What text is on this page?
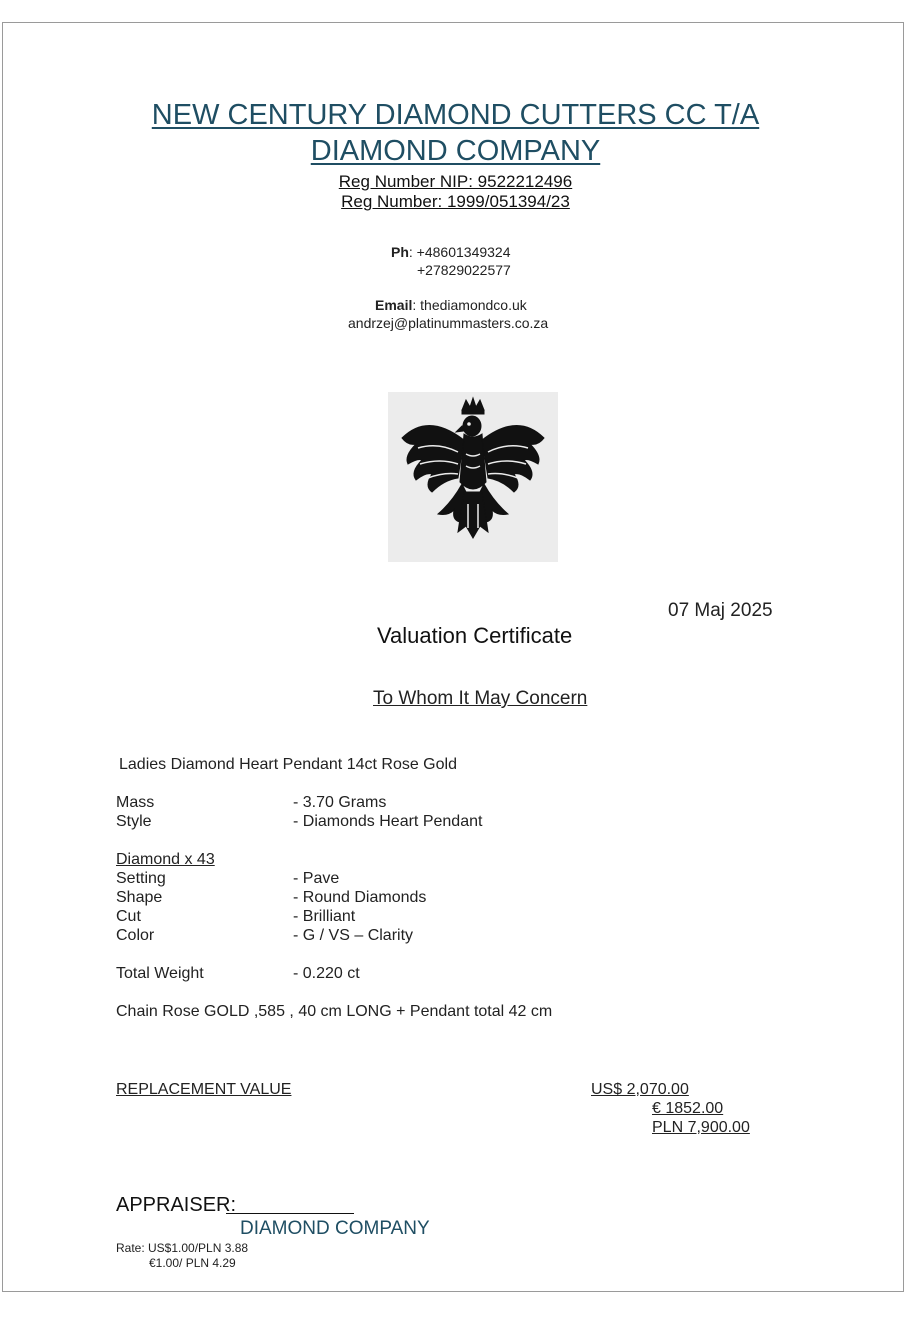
NEW CENTURY DIAMOND CUTTERS CC T/A
DIAMOND COMPANY
Reg Number NIP: 9522212496
Reg Number: 1999/051394/23
Ph: +48601349324
+27829022577
Email: thediamondco.uk
andrzej@platinummasters.co.za
07 Maj 2025
Valuation Certificate
To Whom It May Concern
Ladies Diamond Heart Pendant 14ct Rose Gold
Mass	- 3.70 Grams
Style	- Diamonds Heart Pendant
Diamond x 43
Setting	- Pave
Shape	- Round Diamonds
Cut	- Brilliant
Color	- G / VS – Clarity
Total Weight	- 0.220 ct
Chain Rose GOLD ,585 , 40 cm LONG + Pendant total 42 cm
REPLACEMENT VALUE	US$ 2,070.00
€ 1852.00
PLN 7,900.00
APPRAISER:
DIAMOND COMPANY
Rate: US$1.00/PLN 3.88
€1.00/ PLN 4.29
